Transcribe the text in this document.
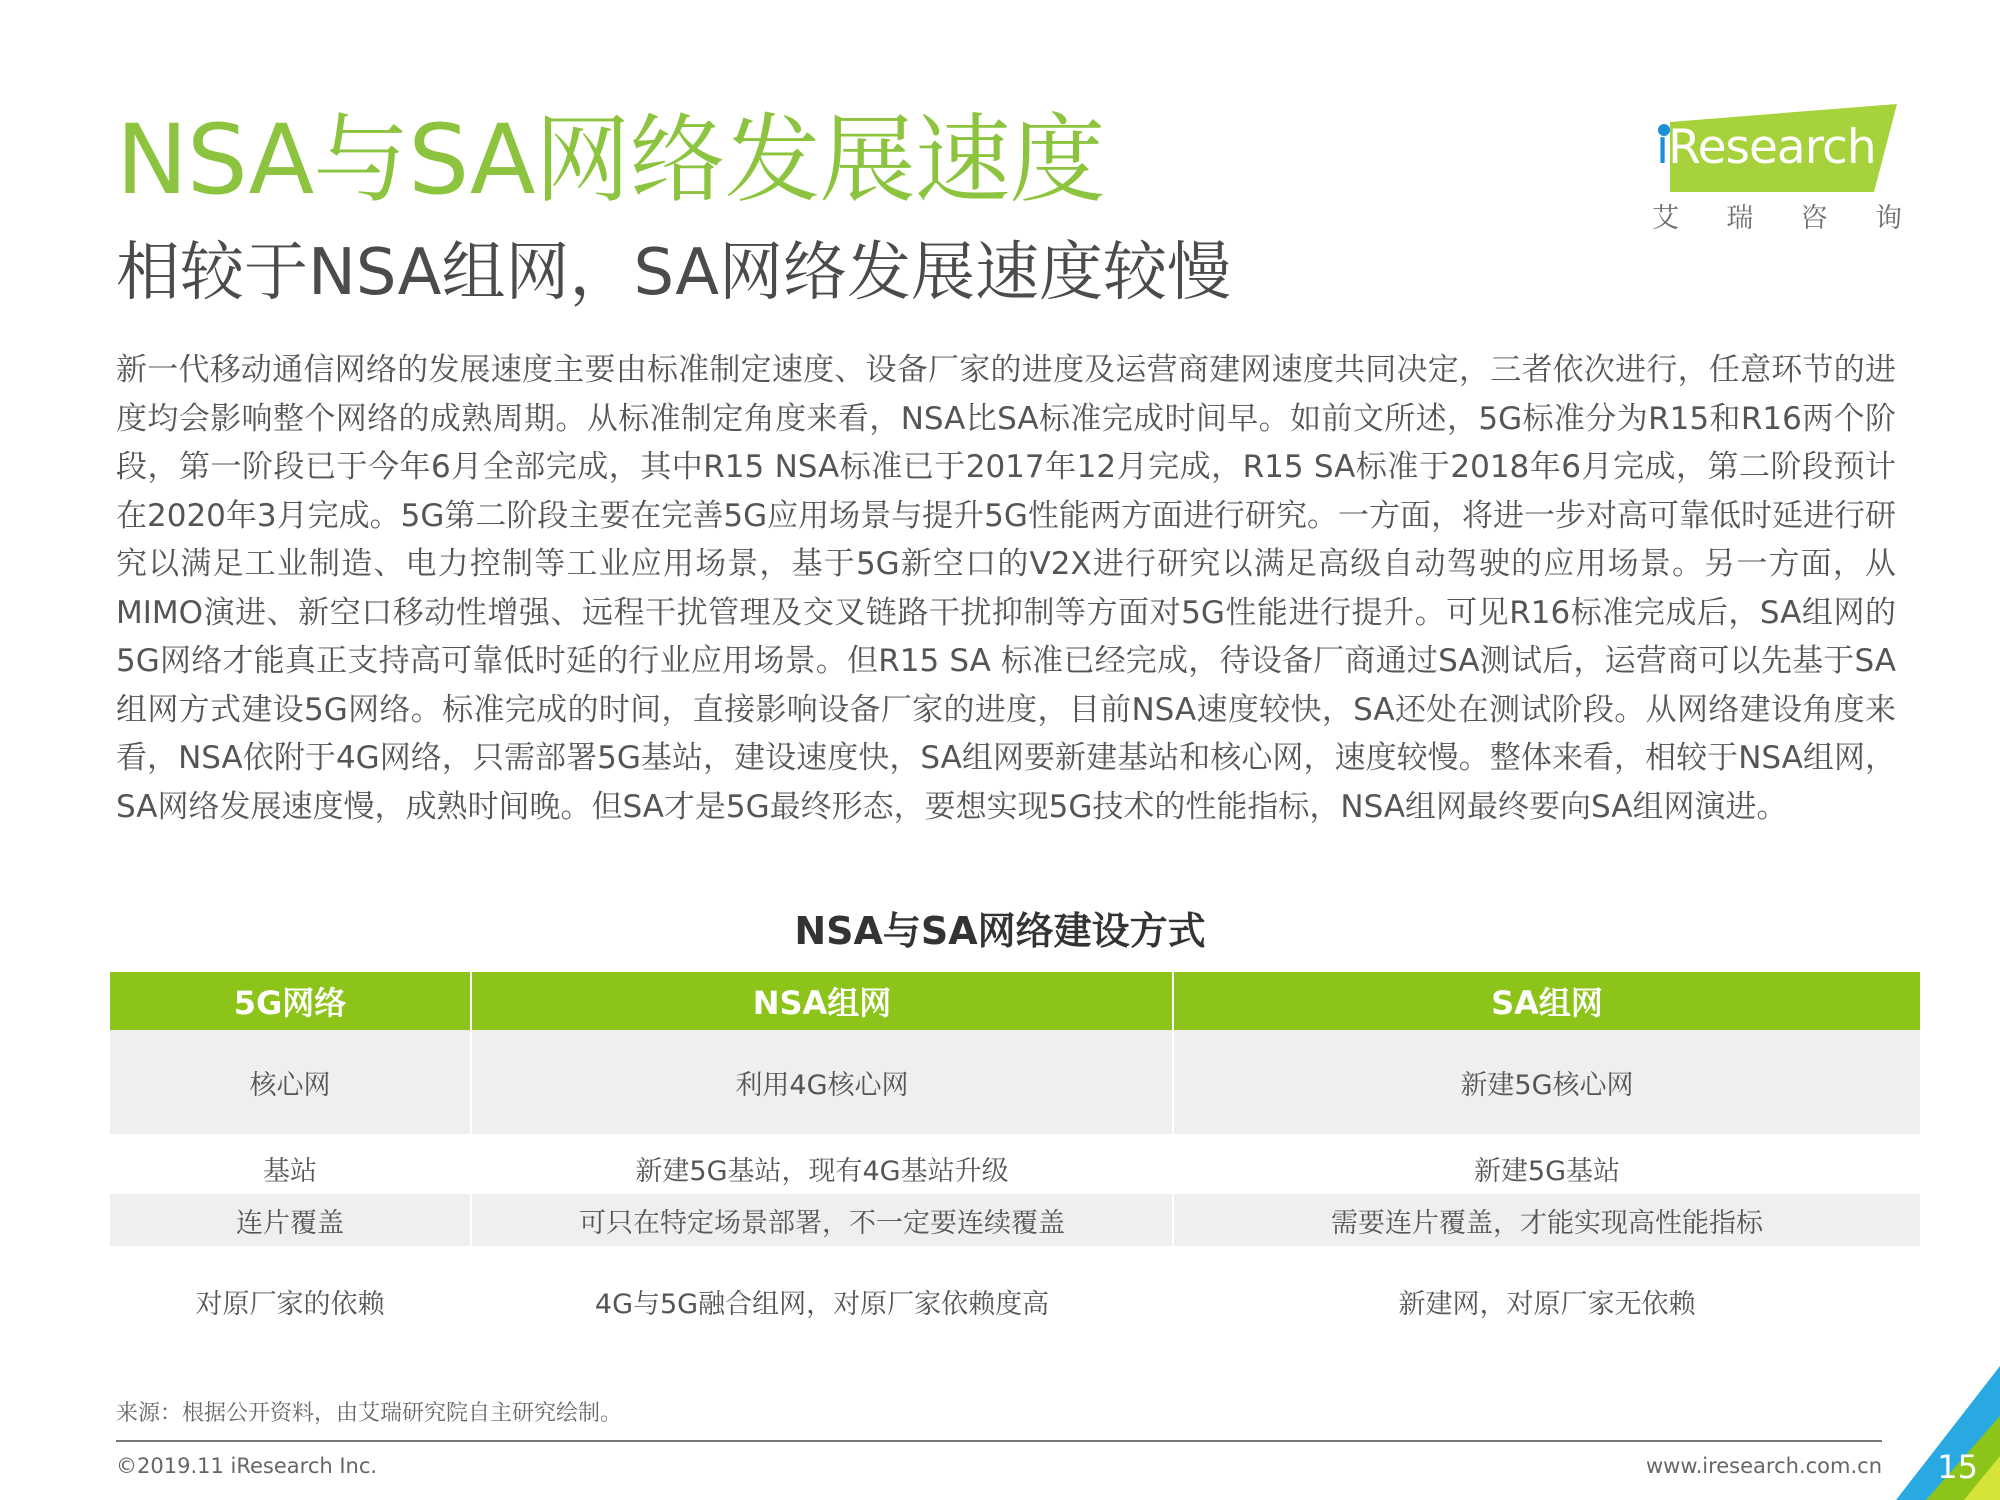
NSA与SA网络发展速度
相较于NSA组网，SA网络发展速度较慢
iResearch
艾 瑞 咨 询
新一代移动通信网络的发展速度主要由标准制定速度、设备厂家的进度及运营商建网速度共同决定，三者依次进行，任意环节的进度均会影响整个网络的成熟周期。从标准制定角度来看，NSA比SA标准完成时间早。如前文所述，5G标准分为R15和R16两个阶段，第一阶段已于今年6月全部完成，其中R15 NSA标准已于2017年12月完成，R15 SA标准于2018年6月完成，第二阶段预计在2020年3月完成。5G第二阶段主要在完善5G应用场景与提升5G性能两方面进行研究。一方面，将进一步对高可靠低时延进行研究以满足工业制造、电力控制等工业应用场景，基于5G新空口的V2X进行研究以满足高级自动驾驶的应用场景。另一方面，从MIMO演进、新空口移动性增强、远程干扰管理及交叉链路干扰抑制等方面对5G性能进行提升。可见R16标准完成后，SA组网的5G网络才能真正支持高可靠低时延的行业应用场景。但R15 SA 标准已经完成，待设备厂商通过SA测试后，运营商可以先基于SA组网方式建设5G网络。标准完成的时间，直接影响设备厂家的进度，目前NSA速度较快，SA还处在测试阶段。从网络建设角度来看，NSA依附于4G网络，只需部署5G基站，建设速度快，SA组网要新建基站和核心网，速度较慢。整体来看，相较于NSA组网，SA网络发展速度慢，成熟时间晚。但SA才是5G最终形态，要想实现5G技术的性能指标，NSA组网最终要向SA组网演进。
NSA与SA网络建设方式
5G网络	NSA组网	SA组网
核心网	利用4G核心网	新建5G核心网
基站	新建5G基站，现有4G基站升级	新建5G基站
连片覆盖	可只在特定场景部署，不一定要连续覆盖	需要连片覆盖，才能实现高性能指标
对原厂家的依赖	4G与5G融合组网，对原厂家依赖度高	新建网，对原厂家无依赖
来源：根据公开资料，由艾瑞研究院自主研究绘制。
©2019.11 iResearch Inc.	www.iresearch.com.cn 15
